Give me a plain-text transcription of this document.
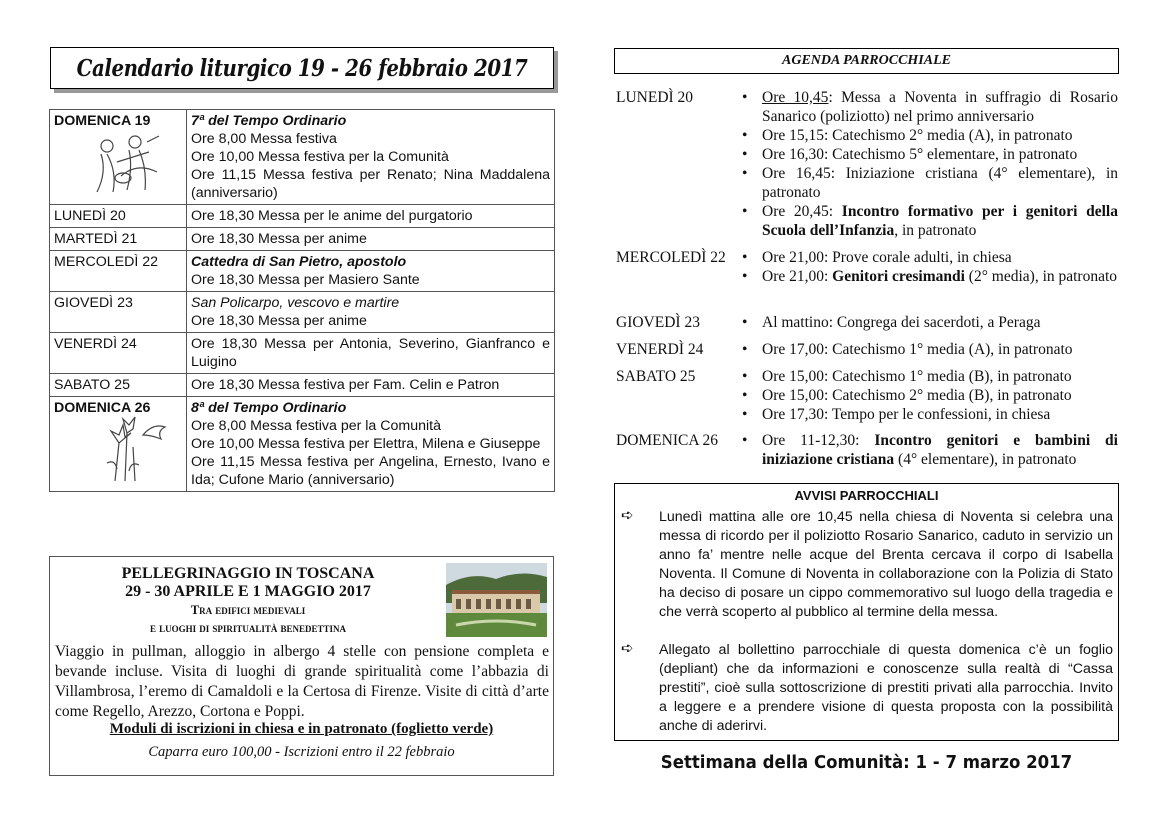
Calendario liturgico 19 - 26 febbraio 2017
DOMENICA 19	7ª del Tempo Ordinario
Ore 8,00 Messa festiva
Ore 10,00 Messa festiva per la Comunità
Ore 11,15 Messa festiva per Renato; Nina Maddalena (anniversario)

LUNEDÌ 20	Ore 18,30 Messa per le anime del purgatorio

MARTEDÌ 21	Ore 18,30 Messa per anime

MERCOLEDÌ 22	Cattedra di San Pietro, apostolo
Ore 18,30 Messa per Masiero Sante

GIOVEDÌ 23	San Policarpo, vescovo e martire
Ore 18,30 Messa per anime

VENERDÌ 24	Ore 18,30 Messa per Antonia, Severino, Gianfranco e Luigino

SABATO 25	Ore 18,30 Messa festiva per Fam. Celin e Patron

DOMENICA 26	8ª del Tempo Ordinario
Ore 8,00 Messa festiva per la Comunità
Ore 10,00 Messa festiva per Elettra, Milena e Giuseppe
Ore 11,15 Messa festiva per Angelina, Ernesto, Ivano e Ida; Cufone Mario (anniversario)
PELLEGRINAGGIO IN TOSCANA
29 - 30 APRILE E 1 MAGGIO 2017
Tra edifici medievali
e luoghi di spiritualità benedettina
Viaggio in pullman, alloggio in albergo 4 stelle con pensione completa e bevande incluse. Visita di luoghi di grande spiritualità come l’abbazia di Villambrosa, l’eremo di Camaldoli e la Certosa di Firenze. Visite di città d’arte come Regello, Arezzo, Cortona e Poppi.
Moduli di iscrizioni in chiesa e in patronato (foglietto verde)
Caparra euro 100,00 - Iscrizioni entro il 22 febbraio
AGENDA PARROCCHIALE
LUNEDÌ 20	• Ore 10,45: Messa a Noventa in suffragio di Rosario Sanarico (poliziotto) nel primo anniversario
• Ore 15,15: Catechismo 2° media (A), in patronato
• Ore 16,30: Catechismo 5° elementare, in patronato
• Ore 16,45: Iniziazione cristiana (4° elementare), in patronato
• Ore 20,45: Incontro formativo per i genitori della Scuola dell’Infanzia, in patronato
MERCOLEDÌ 22	• Ore 21,00: Prove corale adulti, in chiesa
• Ore 21,00: Genitori cresimandi (2° media), in patronato
GIOVEDÌ 23	• Al mattino: Congrega dei sacerdoti, a Peraga
VENERDÌ 24	• Ore 17,00: Catechismo 1° media (A), in patronato
SABATO 25	• Ore 15,00: Catechismo 1° media (B), in patronato
• Ore 15,00: Catechismo 2° media (B), in patronato
• Ore 17,30: Tempo per le confessioni, in chiesa
DOMENICA 26	• Ore 11-12,30: Incontro genitori e bambini di iniziazione cristiana (4° elementare), in patronato
AVVISI PARROCCHIALI
➪ Lunedì mattina alle ore 10,45 nella chiesa di Noventa si celebra una messa di ricordo per il poliziotto Rosario Sanarico, caduto in servizio un anno fa’ mentre nelle acque del Brenta cercava il corpo di Isabella Noventa. Il Comune di Noventa in collaborazione con la Polizia di Stato ha deciso di posare un cippo commemorativo sul luogo della tragedia e che verrà scoperto al pubblico al termine della messa.
➪ Allegato al bollettino parrocchiale di questa domenica c’è un foglio (depliant) che da informazioni e conoscenze sulla realtà di “Cassa prestiti”, cioè sulla sottoscrizione di prestiti privati alla parrocchia. Invito a leggere e a prendere visione di questa proposta con la possibilità anche di aderirvi.
Settimana della Comunità: 1 - 7 marzo 2017
